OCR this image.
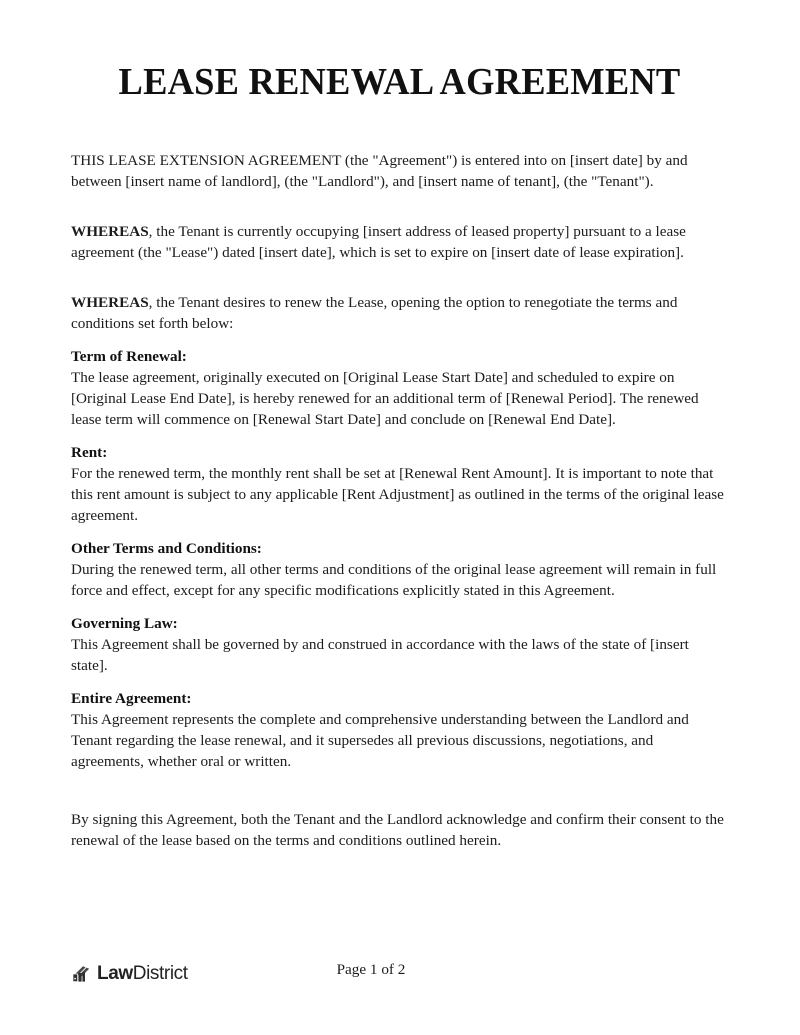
LEASE RENEWAL AGREEMENT

THIS LEASE EXTENSION AGREEMENT (the "Agreement") is entered into on [insert date] by and between [insert name of landlord], (the "Landlord"), and [insert name of tenant], (the "Tenant").

WHEREAS, the Tenant is currently occupying [insert address of leased property] pursuant to a lease agreement (the "Lease") dated [insert date], which is set to expire on [insert date of lease expiration].

WHEREAS, the Tenant desires to renew the Lease, opening the option to renegotiate the terms and conditions set forth below:

Term of Renewal:

The lease agreement, originally executed on [Original Lease Start Date] and scheduled to expire on [Original Lease End Date], is hereby renewed for an additional term of [Renewal Period]. The renewed lease term will commence on [Renewal Start Date] and conclude on [Renewal End Date].

Rent:

For the renewed term, the monthly rent shall be set at [Renewal Rent Amount]. It is important to note that this rent amount is subject to any applicable [Rent Adjustment] as outlined in the terms of the original lease agreement.

Other Terms and Conditions:

During the renewed term, all other terms and conditions of the original lease agreement will remain in full force and effect, except for any specific modifications explicitly stated in this Agreement.

Governing Law:

This Agreement shall be governed by and construed in accordance with the laws of the state of [insert state].

Entire Agreement:

This Agreement represents the complete and comprehensive understanding between the Landlord and Tenant regarding the lease renewal, and it supersedes all previous discussions, negotiations, and agreements, whether oral or written.

By signing this Agreement, both the Tenant and the Landlord acknowledge and confirm their consent to the renewal of the lease based on the terms and conditions outlined herein.

LawDistrict	Page 1 of 2
